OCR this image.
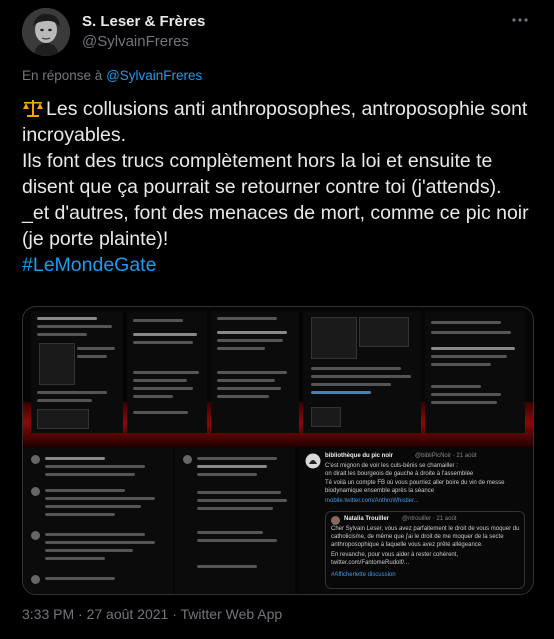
S. Leser & Frères
@SylvainFreres
En réponse à @SylvainFreres
Les collusions anti anthroposophes, antroposophie sont incroyables.
Ils font des trucs complètement hors la loi et ensuite te disent que ça pourrait se retourner contre toi (j'attends).
_et d'autres, font des menaces de mort, comme ce pic noir (je porte plainte)!
#LeMondeGate
bibliothèque du pic noir	@bibliPicNoir · 21 août
C'est mignon de voir les culs-bénis se chamailler :
on dirait les bourgeois de gauche à droite à l'assemblée
Té voilà un compte FB où vous pourriez aller boire du vin de messe
biodynamique ensemble après la séance
mobile.twitter.com/AnthroWhistler...
Natalia Trouiller @ntrouiller · 21 août
Cher Sylvain Leser, vous avez parfaitement le droit de vous moquer du
catholicisme, de même que j'ai le droit de me moquer de la secte
anthroposophique à laquelle vous avez prêté allégeance.
En revanche, pour vous aider à rester cohérent,
twitter.com/FantomeRudolf/...
#Afficherlette discussion
3:33 PM · 27 août 2021 · Twitter Web App
